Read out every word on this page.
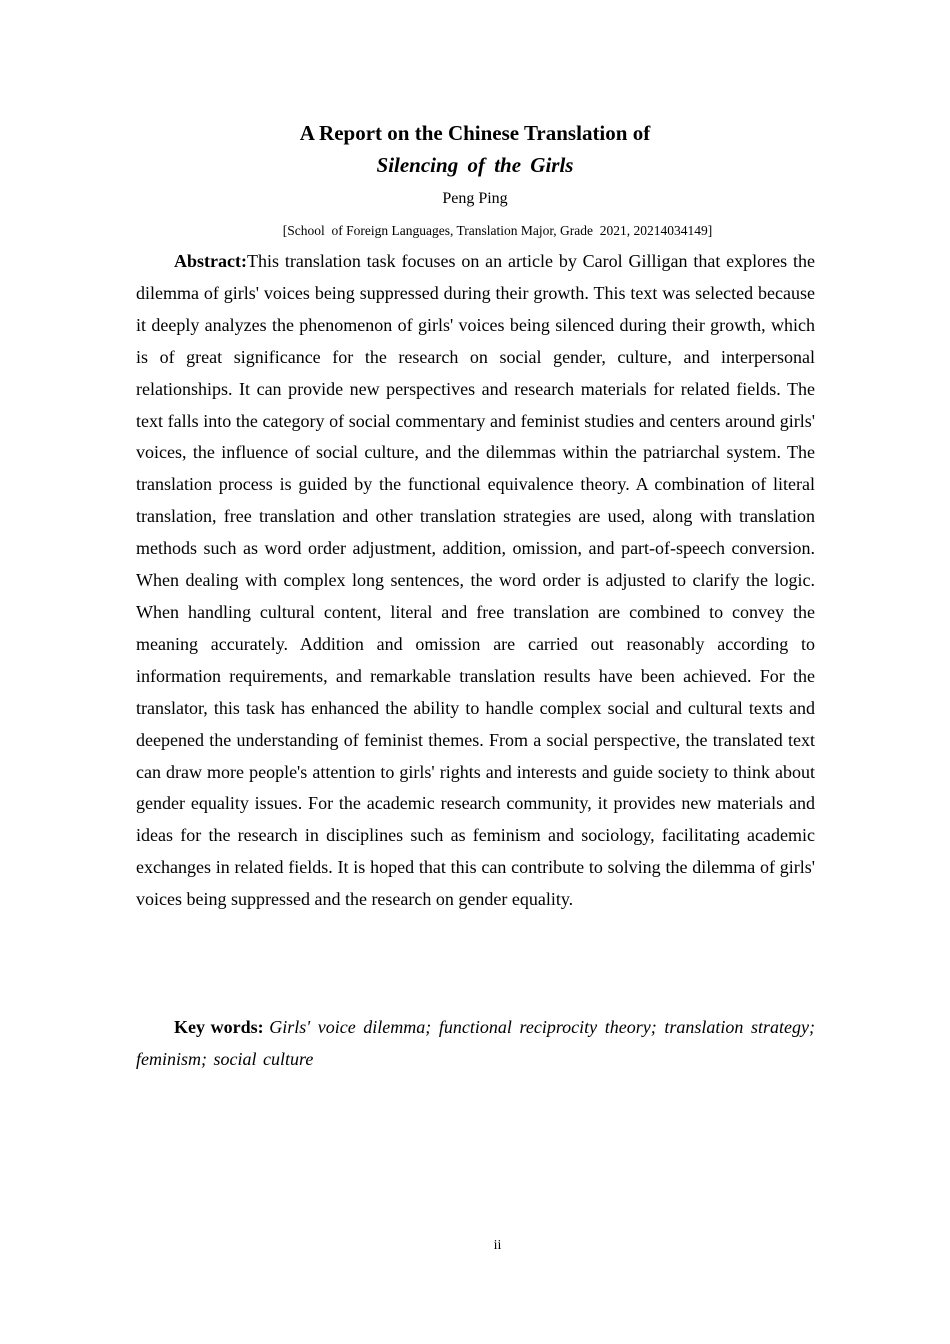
A Report on the Chinese Translation of
Silencing of the Girls
Peng Ping
[School  of Foreign Languages, Translation Major, Grade  2021, 20214034149]

Abstract:This translation task focuses on an article by Carol Gilligan that explores the dilemma of girls' voices being suppressed during their growth. This text was selected because it deeply analyzes the phenomenon of girls' voices being silenced during their growth, which is of great significance for the research on social gender, culture, and interpersonal relationships. It can provide new perspectives and research materials for related fields. The text falls into the category of social commentary and feminist studies and centers around girls' voices, the influence of social culture, and the dilemmas within the patriarchal system. The translation process is guided by the functional equivalence theory. A combination of literal translation, free translation and other translation strategies are used, along with translation methods such as word order adjustment, addition, omission, and part-of-speech conversion. When dealing with complex long sentences, the word order is adjusted to clarify the logic. When handling cultural content, literal and free translation are combined to convey the meaning accurately. Addition and omission are carried out reasonably according to information requirements, and remarkable translation results have been achieved. For the translator, this task has enhanced the ability to handle complex social and cultural texts and deepened the understanding of feminist themes. From a social perspective, the translated text can draw more people's attention to girls' rights and interests and guide society to think about gender equality issues. For the academic research community, it provides new materials and ideas for the research in disciplines such as feminism and sociology, facilitating academic exchanges in related fields. It is hoped that this can contribute to solving the dilemma of girls' voices being suppressed and the research on gender equality.

Key words: Girls' voice dilemma; functional reciprocity theory; translation strategy; feminism; social culture

ii
